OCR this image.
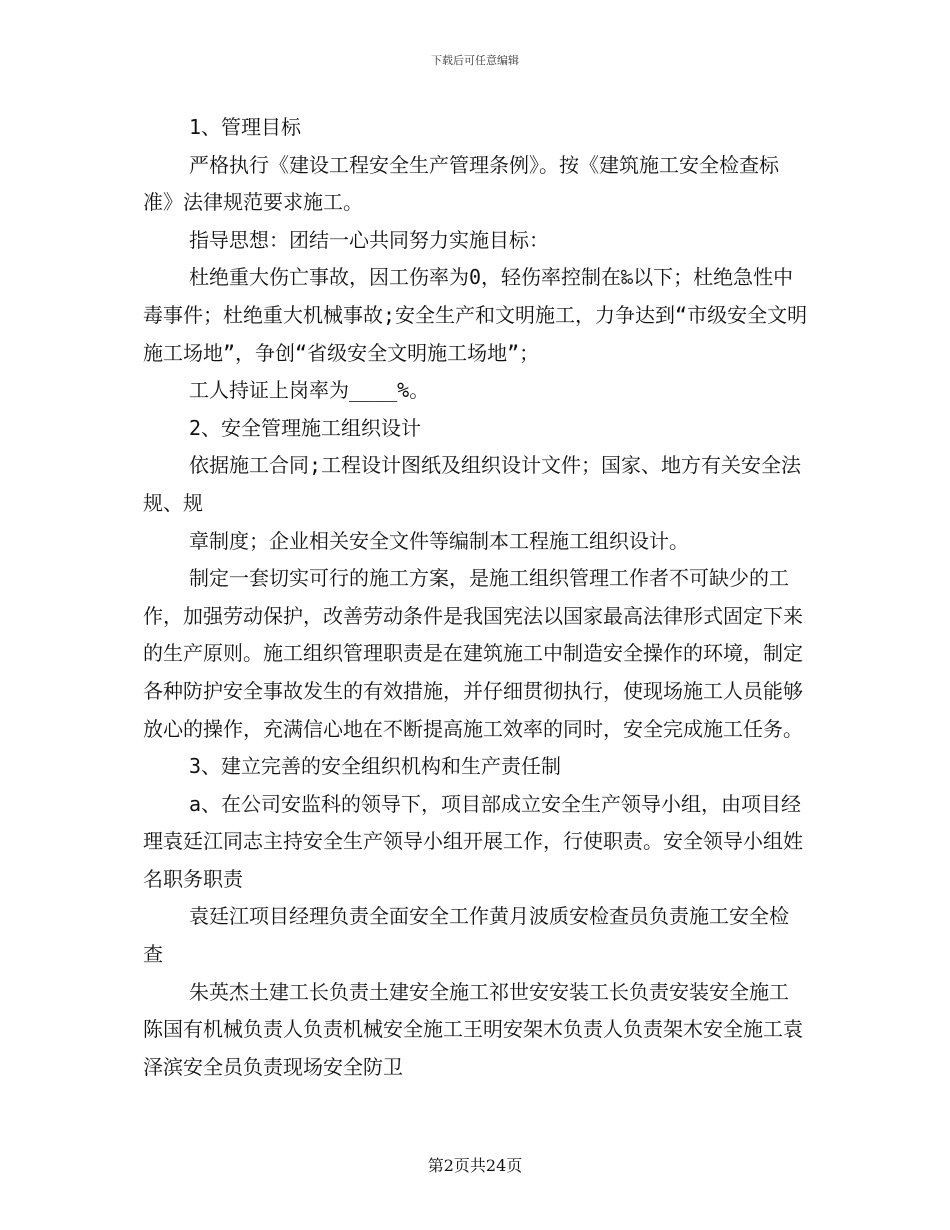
下载后可任意编辑

1、管理目标

严格执行《建设工程安全生产管理条例》。按《建筑施工安全检查标准》法律规范要求施工。

指导思想：团结一心共同努力实施目标：

杜绝重大伤亡事故，因工伤率为0，轻伤率控制在‰以下；杜绝急性中毒事件；杜绝重大机械事故;安全生产和文明施工，力争达到“市级安全文明施工场地”，争创“省级安全文明施工场地”；

工人持证上岗率为____%。

2、安全管理施工组织设计

依据施工合同;工程设计图纸及组织设计文件；国家、地方有关安全法规、规

章制度；企业相关安全文件等编制本工程施工组织设计。

制定一套切实可行的施工方案，是施工组织管理工作者不可缺少的工作，加强劳动保护，改善劳动条件是我国宪法以国家最高法律形式固定下来的生产原则。施工组织管理职责是在建筑施工中制造安全操作的环境，制定各种防护安全事故发生的有效措施，并仔细贯彻执行，使现场施工人员能够放心的操作，充满信心地在不断提高施工效率的同时，安全完成施工任务。

3、建立完善的安全组织机构和生产责任制

a、在公司安监科的领导下，项目部成立安全生产领导小组，由项目经理袁廷江同志主持安全生产领导小组开展工作，行使职责。安全领导小组姓名职务职责

袁廷江项目经理负责全面安全工作黄月波质安检查员负责施工安全检查

朱英杰土建工长负责土建安全施工祁世安安装工长负责安装安全施工陈国有机械负责人负责机械安全施工王明安架木负责人负责架木安全施工袁泽滨安全员负责现场安全防卫

第2页共24页
